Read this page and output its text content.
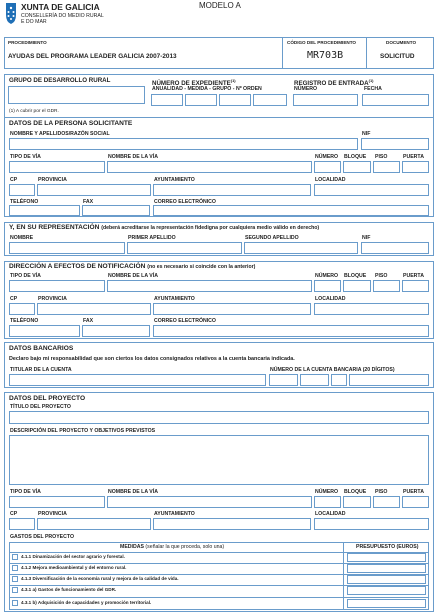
XUNTA DE GALICIA
CONSELLERÍA DO MEDIO RURAL
E DO MAR
MODELO A
PROCEDIMIENTO
AYUDAS DEL PROGRAMA LEADER GALICIA 2007-2013
CÓDIGO DEL PROCEDIMIENTO
MR703B
DOCUMENTO
SOLICITUD
GRUPO DE DESARROLLO RURAL
(1) A cubrir por el GDR.
NÚMERO DE EXPEDIENTE$^{(1)}$
ANUALIDAD - MEDIDA - GRUPO - Nº ORDEN
REGISTRO DE ENTRADA$^{(1)}$
NÚMERO	FECHA
DATOS DE LA PERSONA SOLICITANTE
NOMBRE Y APELLIDOS/RAZÓN SOCIAL	NIF
TIPO DE VÍA	NOMBRE DE LA VÍA	NÚMERO BLOQUE PISO	PUERTA
CP	PROVINCIA	AYUNTAMIENTO	LOCALIDAD
TELÉFONO	FAX	CORREO ELECTRÓNICO
Y, EN SU REPRESENTACIÓN (deberá acreditarse la representación fidedigna por cualquiera medio válido en derecho)
NOMBRE	PRIMER APELLIDO	SEGUNDO APELLIDO	NIF
DIRECCIÓN A EFECTOS DE NOTIFICACIÓN (no es necesario si coincide con la anterior)
TIPO DE VÍA	NOMBRE DE LA VÍA	NÚMERO BLOQUE PISO	PUERTA
CP	PROVINCIA	AYUNTAMIENTO	LOCALIDAD
TELÉFONO	FAX	CORREO ELECTRÓNICO
DATOS BANCARIOS
Declaro bajo mi responsabilidad que son ciertos los datos consignados relativos a la cuenta bancaria indicada.
TITULAR DE LA CUENTA	NÚMERO DE LA CUENTA BANCARIA (20 DÍGITOS)
DATOS DEL PROYECTO
TÍTULO DEL PROYECTO
DESCRIPCIÓN DEL PROYECTO Y OBJETIVOS PREVISTOS
TIPO DE VÍA	NOMBRE DE LA VÍA	NÚMERO BLOQUE PISO	PUERTA
CP	PROVINCIA	AYUNTAMIENTO	LOCALIDAD
GASTOS DEL PROYECTO
MEDIDAS (señalar la que proceda, solo una)	PRESUPUESTO (EUROS)
4.1.1 Dinamización del sector agrario y forestal.
4.1.2 Mejora medioambiental y del entorno rural.
4.1.3 Diversificación de la economía rural y mejora de la calidad de vida.
4.3.1 a) Gastos de funcionamiento del GDR.
4.3.1 b) Adquisición de capacidades y promoción territorial.
